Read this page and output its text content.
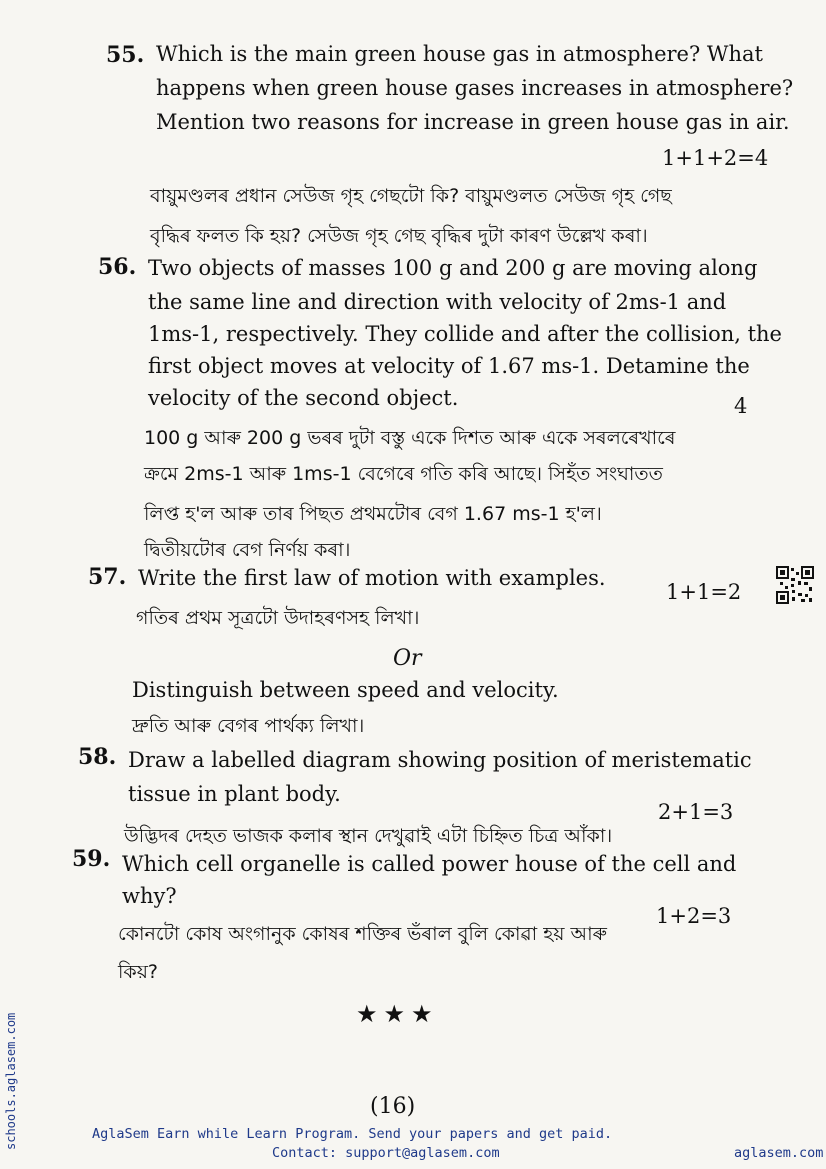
55. Which is the main green house gas in atmosphere? What
happens when green house gases increases in atmosphere?
Mention two reasons for increase in green house gas in air.
1+1+2=4
বায়ুমণ্ডলৰ প্ৰধান সেউজ গৃহ গেছটো কি? বায়ুমণ্ডলত সেউজ গৃহ গেছ
বৃদ্ধিৰ ফলত কি হয়? সেউজ গৃহ গেছ বৃদ্ধিৰ দুটা কাৰণ উল্লেখ কৰা।
56. Two objects of masses 100 g and 200 g are moving along
the same line and direction with velocity of 2ms-1 and
1ms-1, respectively. They collide and after the collision, the
first object moves at velocity of 1.67 ms-1. Detamine the
velocity of the second object.	4
100 g আৰু 200 g ভৰৰ দুটা বস্তু একে দিশত আৰু একে সৰলৰেখাৰে
ক্ৰমে 2ms-1 আৰু 1ms-1 বেগেৰে গতি কৰি আছে। সিহঁত সংঘাতত
লিপ্ত হ'ল আৰু তাৰ পিছত প্ৰথমটোৰ বেগ 1.67 ms-1 হ'ল।
দ্বিতীয়টোৰ বেগ নিৰ্ণয় কৰা।
57. Write the first law of motion with examples.
1+1=2
গতিৰ প্ৰথম সূত্ৰটো উদাহৰণসহ লিখা।
Or
Distinguish between speed and velocity.
দ্ৰুতি আৰু বেগৰ পাৰ্থক্য লিখা।
58. Draw a labelled diagram showing position of meristematic
tissue in plant body.
2+1=3
উদ্ভিদৰ দেহত ভাজক কলাৰ স্থান দেখুৱাই এটা চিহ্নিত চিত্ৰ আঁকা।
59. Which cell organelle is called power house of the cell and
why?
1+2=3
কোনটো কোষ অংগানুক কোষৰ শক্তিৰ ভঁৰাল বুলি কোৱা হয় আৰু
কিয়?
★★★
(16)
schools.aglasem.com	AglaSem Earn while Learn Program. Send your papers and get paid.
Contact: support@aglasem.com	aglasem.com
